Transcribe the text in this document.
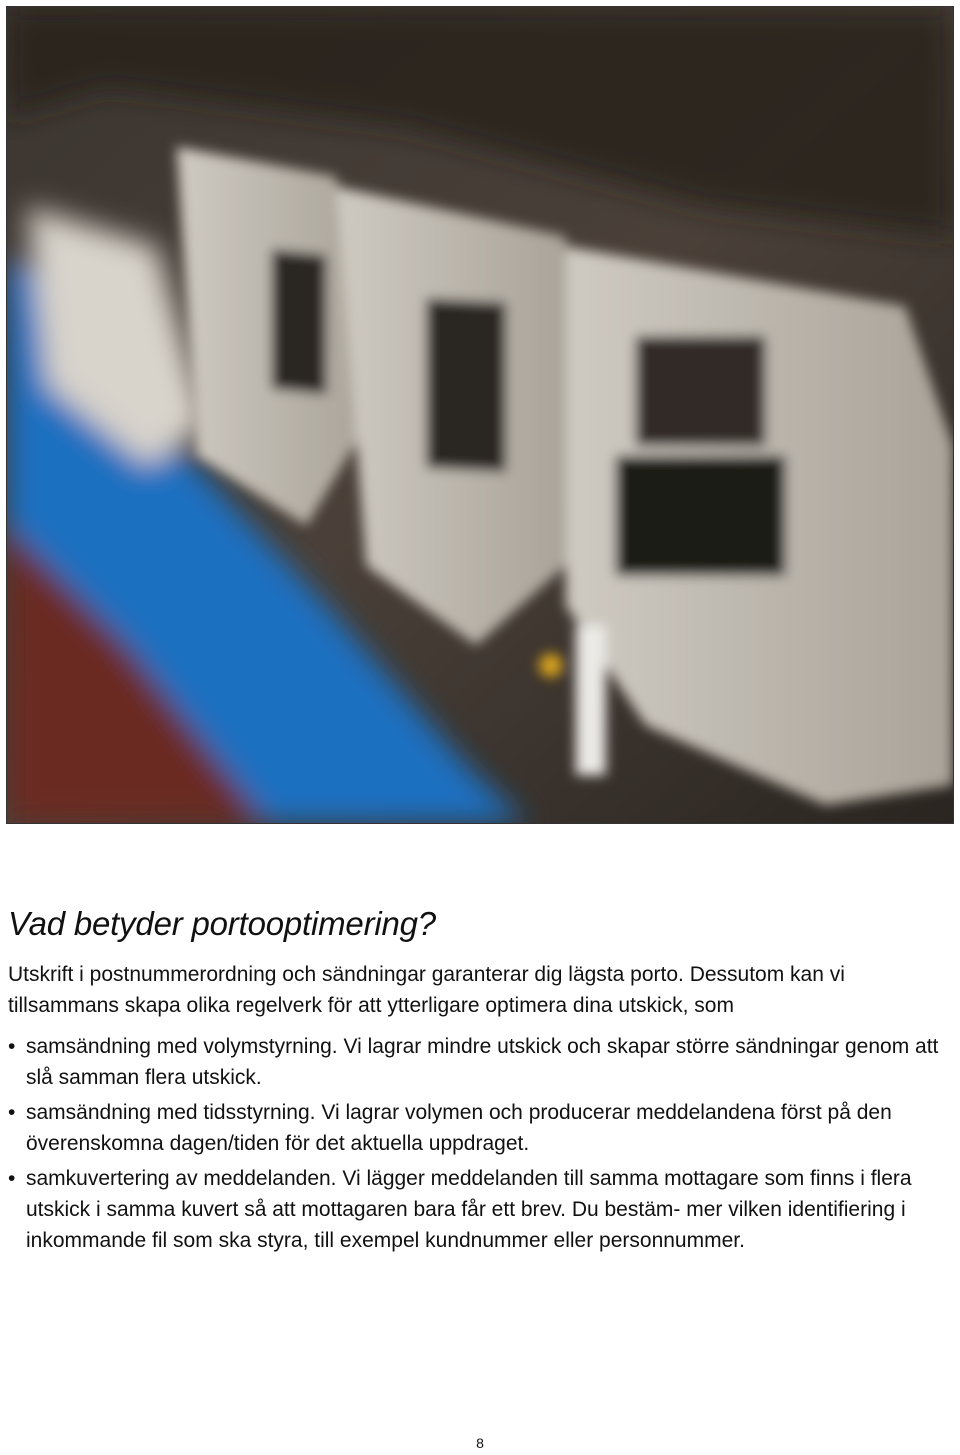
Vad betyder portooptimering?

Utskrift i postnummerordning och sändningar garanterar dig lägsta porto. Dessutom kan vi tillsammans skapa olika regelverk för att ytterligare optimera dina utskick, som

• samsändning med volymstyrning. Vi lagrar mindre utskick och skapar större sändningar genom att slå samman flera utskick.
• samsändning med tidsstyrning. Vi lagrar volymen och producerar meddelandena först på den överenskomna dagen/tiden för det aktuella uppdraget.
• samkuvertering av meddelanden. Vi lägger meddelanden till samma mottagare som finns i flera utskick i samma kuvert så att mottagaren bara får ett brev. Du bestäm- mer vilken identifiering i inkommande fil som ska styra, till exempel kundnummer eller personnummer.
8
